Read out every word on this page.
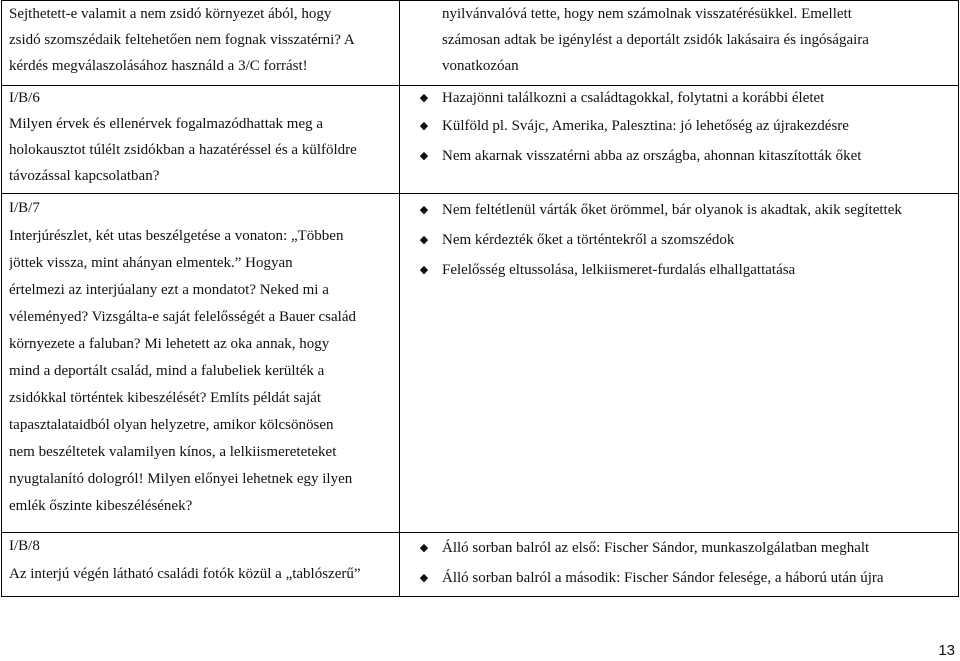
Sejthetett-e valamit a nem zsidó környezet ából, hogy
zsidó szomszédaik feltehetően nem fognak visszatérni? A
kérdés megválaszolásához használd a 3/C forrást!
I/B/6
Milyen érvek és ellenérvek fogalmazódhattak meg a
holokausztot túlélt zsidókban a hazatéréssel és a külföldre
távozással kapcsolatban?
I/B/7
Interjúrészlet, két utas beszélgetése a vonaton: „Többen
jöttek vissza, mint ahányan elmentek.” Hogyan
értelmezi az interjúalany ezt a mondatot? Neked mi a
véleményed? Vizsgálta-e saját felelősségét a Bauer család
környezete a faluban? Mi lehetett az oka annak, hogy
mind a deportált család, mind a falubeliek kerülték a
zsidókkal történtek kibeszélését? Említs példát saját
tapasztalataidból olyan helyzetre, amikor kölcsönösen
nem beszéltetek valamilyen kínos, a lelkiismereteteket
nyugtalanító dologról! Milyen előnyei lehetnek egy ilyen
emlék őszinte kibeszélésének?
I/B/8
Az interjú végén látható családi fotók közül a „tablószerű”
nyilvánvalóvá tette, hogy nem számolnak visszatérésükkel. Emellett
számosan adtak be igénylést a deportált zsidók lakásaira és ingóságaira
vonatkozóan
◆ Hazajönni találkozni a családtagokkal, folytatni a korábbi életet
◆ Külföld pl. Svájc, Amerika, Palesztina: jó lehetőség az újrakezdésre
◆ Nem akarnak visszatérni abba az országba, ahonnan kitaszították őket
◆ Nem feltétlenül várták őket örömmel, bár olyanok is akadtak, akik segítettek
◆ Nem kérdezték őket a történtekről a szomszédok
◆ Felelősség eltussolása, lelkiismeret-furdalás elhallgattatása
◆ Álló sorban balról az első: Fischer Sándor, munkaszolgálatban meghalt
◆ Álló sorban balról a második: Fischer Sándor felesége, a háború után újra
13
